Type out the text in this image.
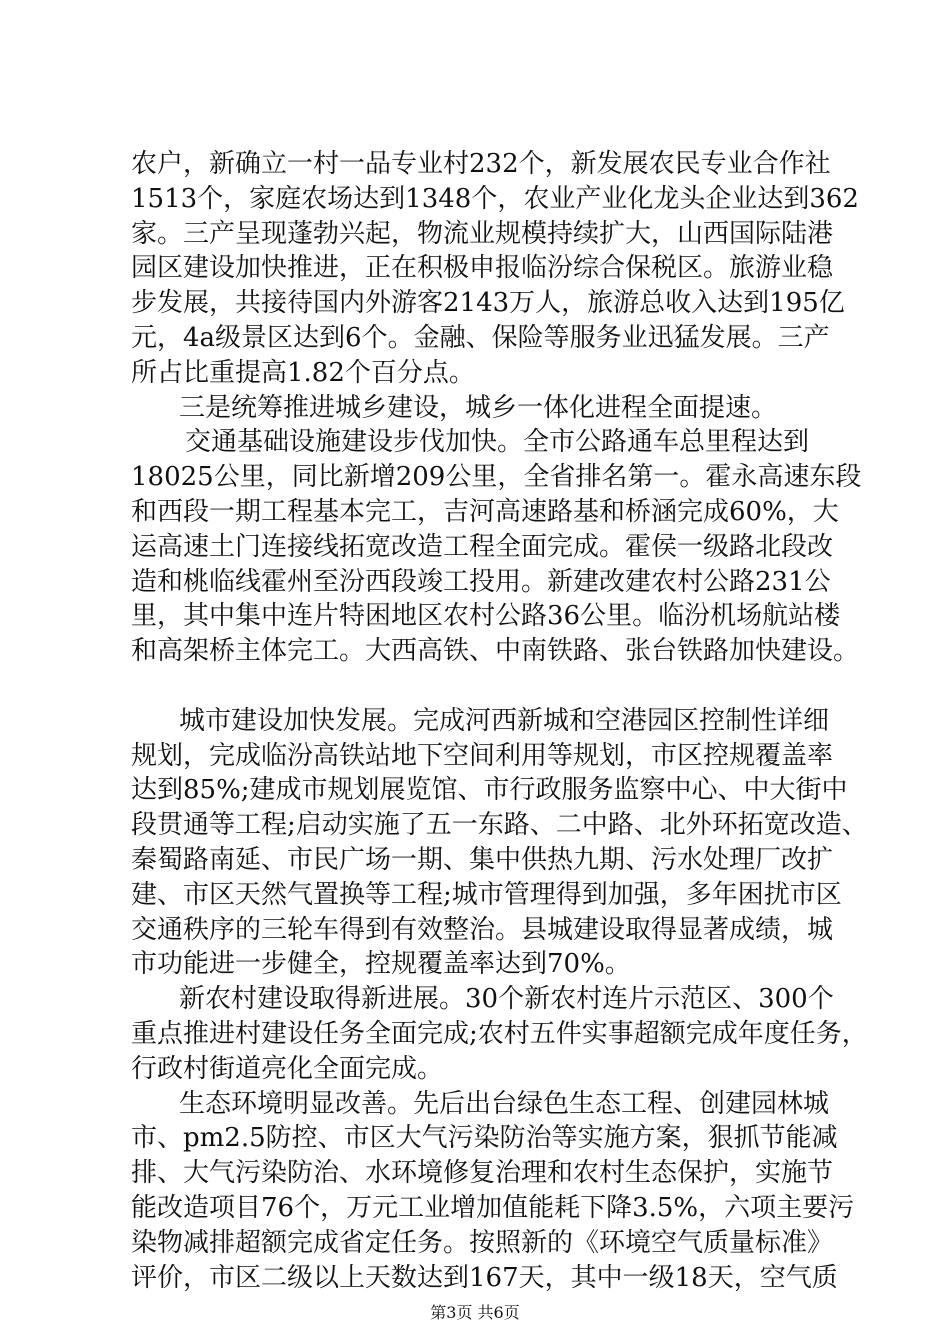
农户，新确立一村一品专业村232个，新发展农民专业合作社
1513个，家庭农场达到1348个，农业产业化龙头企业达到362
家。三产呈现蓬勃兴起，物流业规模持续扩大，山西国际陆港
园区建设加快推进，正在积极申报临汾综合保税区。旅游业稳
步发展，共接待国内外游客2143万人，旅游总收入达到195亿
元，4a级景区达到6个。金融、保险等服务业迅猛发展。三产
所占比重提高1.82个百分点。
三是统筹推进城乡建设，城乡一体化进程全面提速。
交通基础设施建设步伐加快。全市公路通车总里程达到
18025公里，同比新增209公里，全省排名第一。霍永高速东段
和西段一期工程基本完工，吉河高速路基和桥涵完成60%，大
运高速土门连接线拓宽改造工程全面完成。霍侯一级路北段改
造和桃临线霍州至汾西段竣工投用。新建改建农村公路231公
里，其中集中连片特困地区农村公路36公里。临汾机场航站楼
和高架桥主体完工。大西高铁、中南铁路、张台铁路加快建设。
城市建设加快发展。完成河西新城和空港园区控制性详细
规划，完成临汾高铁站地下空间利用等规划，市区控规覆盖率
达到85%;建成市规划展览馆、市行政服务监察中心、中大街中
段贯通等工程;启动实施了五一东路、二中路、北外环拓宽改造、
秦蜀路南延、市民广场一期、集中供热九期、污水处理厂改扩
建、市区天然气置换等工程;城市管理得到加强，多年困扰市区
交通秩序的三轮车得到有效整治。县城建设取得显著成绩，城
市功能进一步健全，控规覆盖率达到70%。
新农村建设取得新进展。30个新农村连片示范区、300个
重点推进村建设任务全面完成;农村五件实事超额完成年度任务，
行政村街道亮化全面完成。
生态环境明显改善。先后出台绿色生态工程、创建园林城
市、pm2.5防控、市区大气污染防治等实施方案，狠抓节能减
排、大气污染防治、水环境修复治理和农村生态保护，实施节
能改造项目76个，万元工业增加值能耗下降3.5%，六项主要污
染物减排超额完成省定任务。按照新的《环境空气质量标准》
评价，市区二级以上天数达到167天，其中一级18天，空气质
第3页 共6页
